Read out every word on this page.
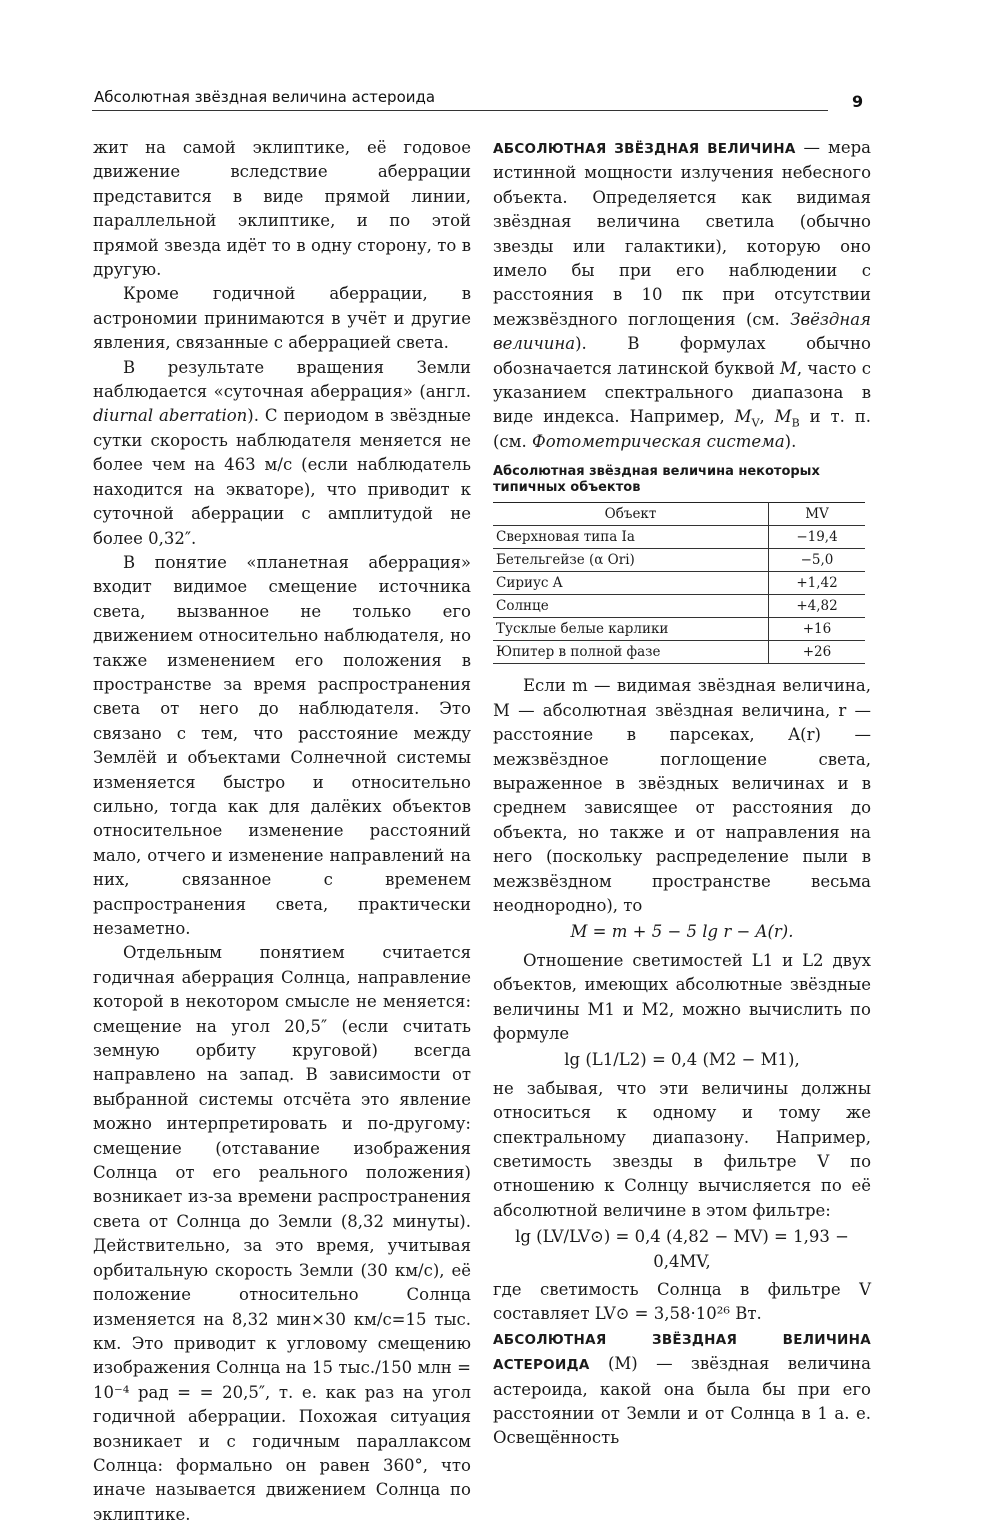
Абсолютная звёздная величина астероида	9

жит на самой эклиптике, её годовое движение вследствие аберрации представится в виде прямой линии, параллельной эклиптике, и по этой прямой звезда идёт то в одну сторону, то в другую.

Кроме годичной аберрации, в астрономии принимаются в учёт и другие явления, связанные с аберрацией света.

В результате вращения Земли наблюдается «суточная аберрация» (англ. diurnal aberration). С периодом в звёздные сутки скорость наблюдателя меняется не более чем на 463 м/с (если наблюдатель находится на экваторе), что приводит к суточной аберрации с амплитудой не более 0,32″.

В понятие «планетная аберрация» входит видимое смещение источника света, вызванное не только его движением относительно наблюдателя, но также изменением его положения в пространстве за время распространения света от него до наблюдателя. Это связано с тем, что расстояние между Землёй и объектами Солнечной системы изменяется быстро и относительно сильно, тогда как для далёких объектов относительное изменение расстояний мало, отчего и изменение направлений на них, связанное с временем распространения света, практически незаметно.

Отдельным понятием считается годичная аберрация Солнца, направление которой в некотором смысле не меняется: смещение на угол 20,5″ (если считать земную орбиту круговой) всегда направлено на запад. В зависимости от выбранной системы отсчёта это явление можно интерпретировать и по-другому: смещение (отставание изображения Солнца от его реального положения) возникает из-за времени распространения света от Солнца до Земли (8,32 минуты). Действительно, за это время, учитывая орбитальную скорость Земли (30 км/с), её положение относительно Солнца изменяется на 8,32 мин×30 км/с=15 тыс. км. Это приводит к угловому смещению изображения Солнца на 15 тыс./150 млн = 10⁻⁴ рад = = 20,5″, т. е. как раз на угол годичной аберрации. Похожая ситуация возникает и с годичным параллаксом Солнца: формально он равен 360°, что иначе называется движением Солнца по эклиптике.

АБСОЛЮТНАЯ ЗВЁЗДНАЯ ВЕЛИЧИНА — мера истинной мощности излучения небесного объекта. Определяется как видимая звёздная величина светила (обычно звезды или галактики), которую оно имело бы при его наблюдении с расстояния в 10 пк при отсутствии межзвёздного поглощения (см. Звёздная величина). В формулах обычно обозначается латинской буквой M, часто с указанием спектрального диапазона в виде индекса. Например, $M_V$, $M_B$ и т. п. (см. Фотометрическая система).

Абсолютная звёздная величина некоторых типичных объектов
Объект	MV
Сверхновая типа Ia	−19,4
Бетельгейзе (α Ori)	−5,0
Сириус A	+1,42
Солнце	+4,82
Тусклые белые карлики	+16
Юпитер в полной фазе	+26

Если m — видимая звёздная величина, M — абсолютная звёздная величина, r — расстояние в парсеках, A(r) — межзвёздное поглощение света, выраженное в звёздных величинах и в среднем зависящее от расстояния до объекта, но также и от направления на него (поскольку распределение пыли в межзвёздном пространстве весьма неоднородно), то

M = m + 5 − 5 lg r − A(r).

Отношение светимостей L1 и L2 двух объектов, имеющих абсолютные звёздные величины M1 и M2, можно вычислить по формуле

lg (L1/L2) = 0,4 (M2 − M1),

не забывая, что эти величины должны относиться к одному и тому же спектральному диапазону. Например, светимость звезды в фильтре V по отношению к Солнцу вычисляется по её абсолютной величине в этом фильтре:

lg (LV/LV⊙) = 0,4 (4,82 − MV) = 1,93 − 0,4MV,

где светимость Солнца в фильтре V составляет LV⊙ = 3,58·10²⁶ Вт.

АБСОЛЮТНАЯ ЗВЁЗДНАЯ ВЕЛИЧИНА АСТЕРОИДА (M) — звёздная величина астероида, какой она была бы при его расстоянии от Земли и от Солнца в 1 а. е. Освещённость
